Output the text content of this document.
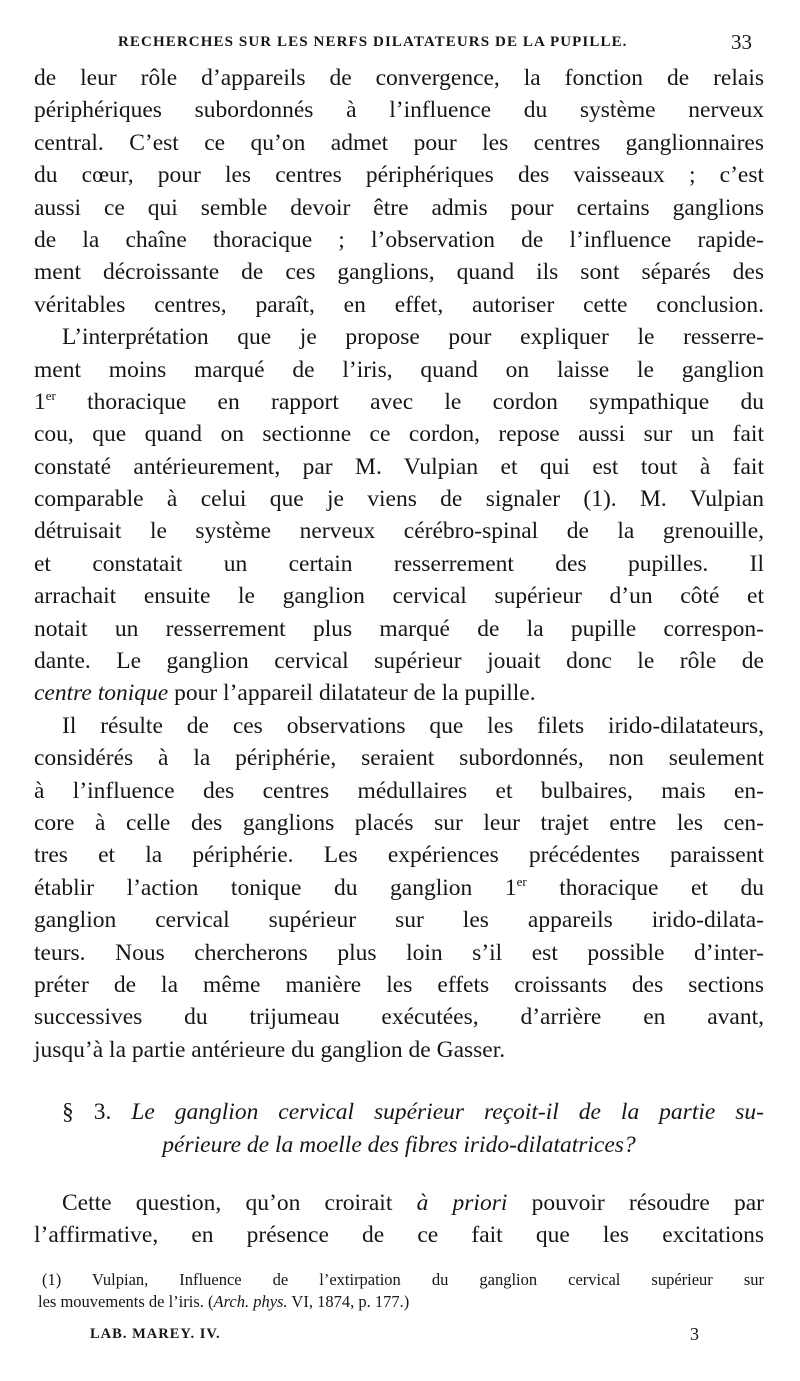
RECHERCHES SUR LES NERFS DILATATEURS DE LA PUPILLE.	33
de leur rôle d’appareils de convergence, la fonction de relais
périphériques subordonnés à l’influence du système nerveux
central. C’est ce qu’on admet pour les centres ganglionnaires
du cœur, pour les centres périphériques des vaisseaux ; c’est
aussi ce qui semble devoir être admis pour certains ganglions
de la chaîne thoracique ; l’observation de l’influence rapide-
ment décroissante de ces ganglions, quand ils sont séparés des
véritables centres, paraît, en effet, autoriser cette conclusion.
L’interprétation que je propose pour expliquer le resserre-
ment moins marqué de l’iris, quand on laisse le ganglion
1er thoracique en rapport avec le cordon sympathique du
cou, que quand on sectionne ce cordon, repose aussi sur un fait
constaté antérieurement, par M. Vulpian et qui est tout à fait
comparable à celui que je viens de signaler (1). M. Vulpian
détruisait le système nerveux cérébro-spinal de la grenouille,
et constatait un certain resserrement des pupilles. Il
arrachait ensuite le ganglion cervical supérieur d’un côté et
notait un resserrement plus marqué de la pupille correspon-
dante. Le ganglion cervical supérieur jouait donc le rôle de
centre tonique pour l’appareil dilatateur de la pupille.
Il résulte de ces observations que les filets irido-dilatateurs,
considérés à la périphérie, seraient subordonnés, non seulement
à l’influence des centres médullaires et bulbaires, mais en-
core à celle des ganglions placés sur leur trajet entre les cen-
tres et la périphérie. Les expériences précédentes paraissent
établir l’action tonique du ganglion 1er thoracique et du
ganglion cervical supérieur sur les appareils irido-dilata-
teurs. Nous chercherons plus loin s’il est possible d’inter-
préter de la même manière les effets croissants des sections
successives du trijumeau exécutées, d’arrière en avant,
jusqu’à la partie antérieure du ganglion de Gasser.
§ 3. Le ganglion cervical supérieur reçoit-il de la partie su-
périeure de la moelle des fibres irido-dilatatrices?
Cette question, qu’on croirait à priori pouvoir résoudre par
l’affirmative, en présence de ce fait que les excitations
(1) Vulpian, Influence de l’extirpation du ganglion cervical supérieur sur
les mouvements de l’iris. (Arch. phys. VI, 1874, p. 177.)
LAB. MAREY. IV.	3
